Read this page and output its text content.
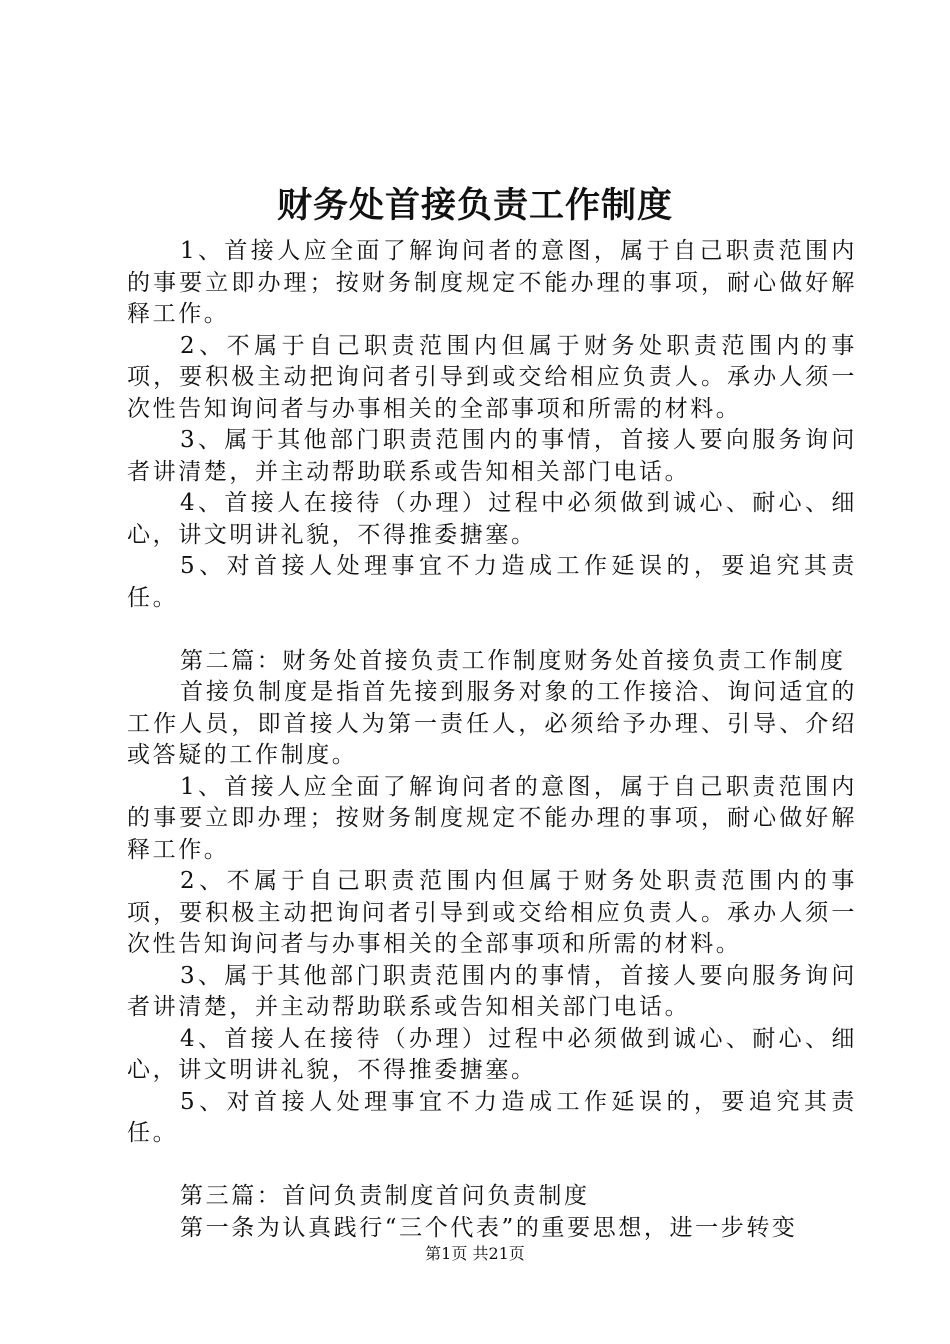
财务处首接负责工作制度

1、首接人应全面了解询问者的意图，属于自己职责范围内的事要立即办理；按财务制度规定不能办理的事项，耐心做好解释工作。

2、不属于自己职责范围内但属于财务处职责范围内的事项，要积极主动把询问者引导到或交给相应负责人。承办人须一次性告知询问者与办事相关的全部事项和所需的材料。

3、属于其他部门职责范围内的事情，首接人要向服务询问者讲清楚，并主动帮助联系或告知相关部门电话。

4、首接人在接待（办理）过程中必须做到诚心、耐心、细心，讲文明讲礼貌，不得推委搪塞。

5、对首接人处理事宜不力造成工作延误的，要追究其责任。

第二篇：财务处首接负责工作制度财务处首接负责工作制度

首接负制度是指首先接到服务对象的工作接洽、询问适宜的工作人员，即首接人为第一责任人，必须给予办理、引导、介绍或答疑的工作制度。

1、首接人应全面了解询问者的意图，属于自己职责范围内的事要立即办理；按财务制度规定不能办理的事项，耐心做好解释工作。

2、不属于自己职责范围内但属于财务处职责范围内的事项，要积极主动把询问者引导到或交给相应负责人。承办人须一次性告知询问者与办事相关的全部事项和所需的材料。

3、属于其他部门职责范围内的事情，首接人要向服务询问者讲清楚，并主动帮助联系或告知相关部门电话。

4、首接人在接待（办理）过程中必须做到诚心、耐心、细心，讲文明讲礼貌，不得推委搪塞。

5、对首接人处理事宜不力造成工作延误的，要追究其责任。

第三篇：首问负责制度首问负责制度

第一条为认真践行“三个代表”的重要思想，进一步转变

第1页 共21页
